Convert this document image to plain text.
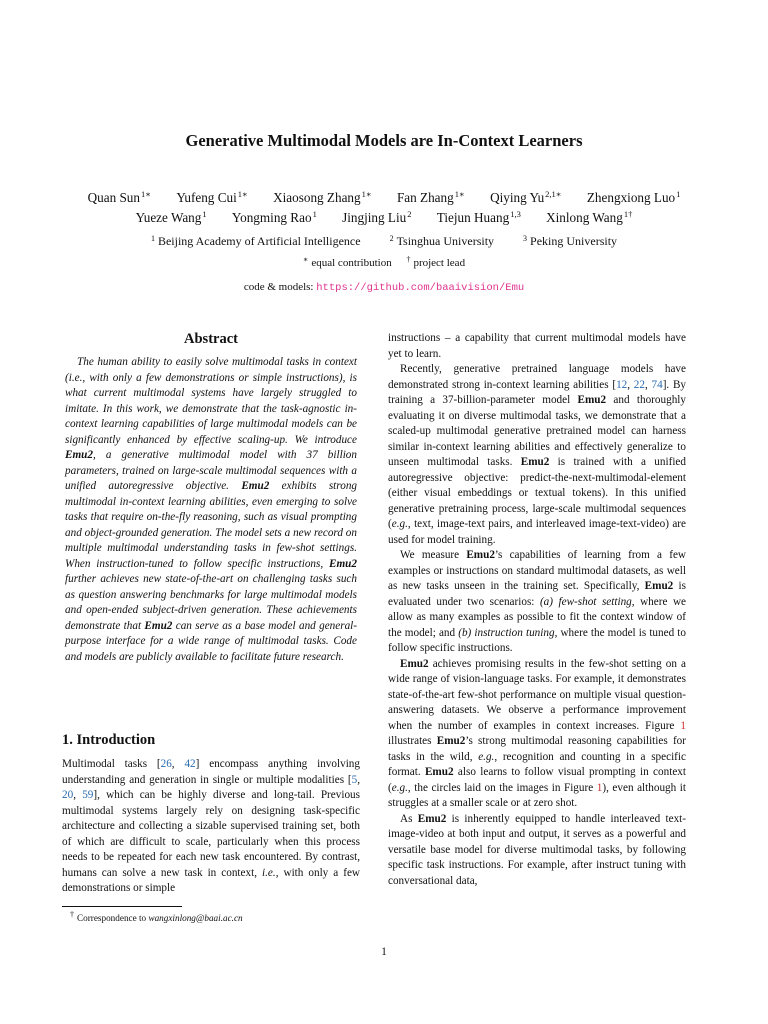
Generative Multimodal Models are In-Context Learners
Quan Sun$^{1∗}$ Yufeng Cui$^{1∗}$ Xiaosong Zhang$^{1∗}$ Fan Zhang$^{1∗}$ Qiying $Yu^{2,1∗}$ Zhengxiong Luo$^1$
Yueze Wang$^1$ Yongming Rao$^1$ Jingjing Liu$^2$ Tiejun Huang$^{1,3}$ Xinlong Wang$^{1\dagger}$
$^1$ Beijing Academy of Artificial Intelligence	$^2$ Tsinghua University	$^3$ Peking University
∗ equal contribution † project lead
code & models: https://github.com/baaivision/Emu
Abstract

The human ability to easily solve multimodal tasks in context (i.e., with only a few demonstrations or simple instructions), is what current multimodal systems have largely struggled to imitate. In this work, we demonstrate that the task-agnostic in-context learning capabilities of large multimodal models can be significantly enhanced by effective scaling-up. We introduce Emu2, a generative multimodal model with 37 billion parameters, trained on large-scale multimodal sequences with a unified autoregressive objective. Emu2 exhibits strong multimodal in-context learning abilities, even emerging to solve tasks that require on-the-fly reasoning, such as visual prompting and object-grounded generation. The model sets a new record on multiple multimodal understanding tasks in few-shot settings. When instruction-tuned to follow specific instructions, Emu2 further achieves new state-of-the-art on challenging tasks such as question answering benchmarks for large multimodal models and open-ended subject-driven generation. These achievements demonstrate that Emu2 can serve as a base model and general-purpose interface for a wide range of multimodal tasks. Code and models are publicly available to facilitate future research.

1. Introduction

Multimodal tasks [26, 42] encompass anything involving understanding and generation in single or multiple modalities [5, 20, 59], which can be highly diverse and long-tail. Previous multimodal systems largely rely on designing task-specific architecture and collecting a sizable supervised training set, both of which are difficult to scale, particularly when this process needs to be repeated for each new task encountered. By contrast, humans can solve a new task in context, i.e., with only a few demonstrations or simple

instructions – a capability that current multimodal models have yet to learn.

Recently, generative pretrained language models have demonstrated strong in-context learning abilities [12, 22, 74]. By training a 37-billion-parameter model Emu2 and thoroughly evaluating it on diverse multimodal tasks, we demonstrate that a scaled-up multimodal generative pretrained model can harness similar in-context learning abilities and effectively generalize to unseen multimodal tasks. Emu2 is trained with a unified autoregressive objective: predict-the-next-multimodal-element (either visual embeddings or textual tokens). In this unified generative pretraining process, large-scale multimodal sequences (e.g., text, image-text pairs, and interleaved image-text-video) are used for model training.

We measure Emu2’s capabilities of learning from a few examples or instructions on standard multimodal datasets, as well as new tasks unseen in the training set. Specifically, Emu2 is evaluated under two scenarios: (a) few-shot setting, where we allow as many examples as possible to fit the context window of the model; and (b) instruction tuning, where the model is tuned to follow specific instructions.

Emu2 achieves promising results in the few-shot setting on a wide range of vision-language tasks. For example, it demonstrates state-of-the-art few-shot performance on multiple visual question-answering datasets. We observe a performance improvement when the number of examples in context increases. Figure 1 illustrates Emu2’s strong multimodal reasoning capabilities for tasks in the wild, e.g., recognition and counting in a specific format. Emu2 also learns to follow visual prompting in context (e.g., the circles laid on the images in Figure 1), even although it struggles at a smaller scale or at zero shot.

As Emu2 is inherently equipped to handle interleaved text-image-video at both input and output, it serves as a powerful and versatile base model for diverse multimodal tasks, by following specific task instructions. For example, after instruct tuning with conversational data,

† Correspondence to wangxinlong@baai.ac.cn
1
